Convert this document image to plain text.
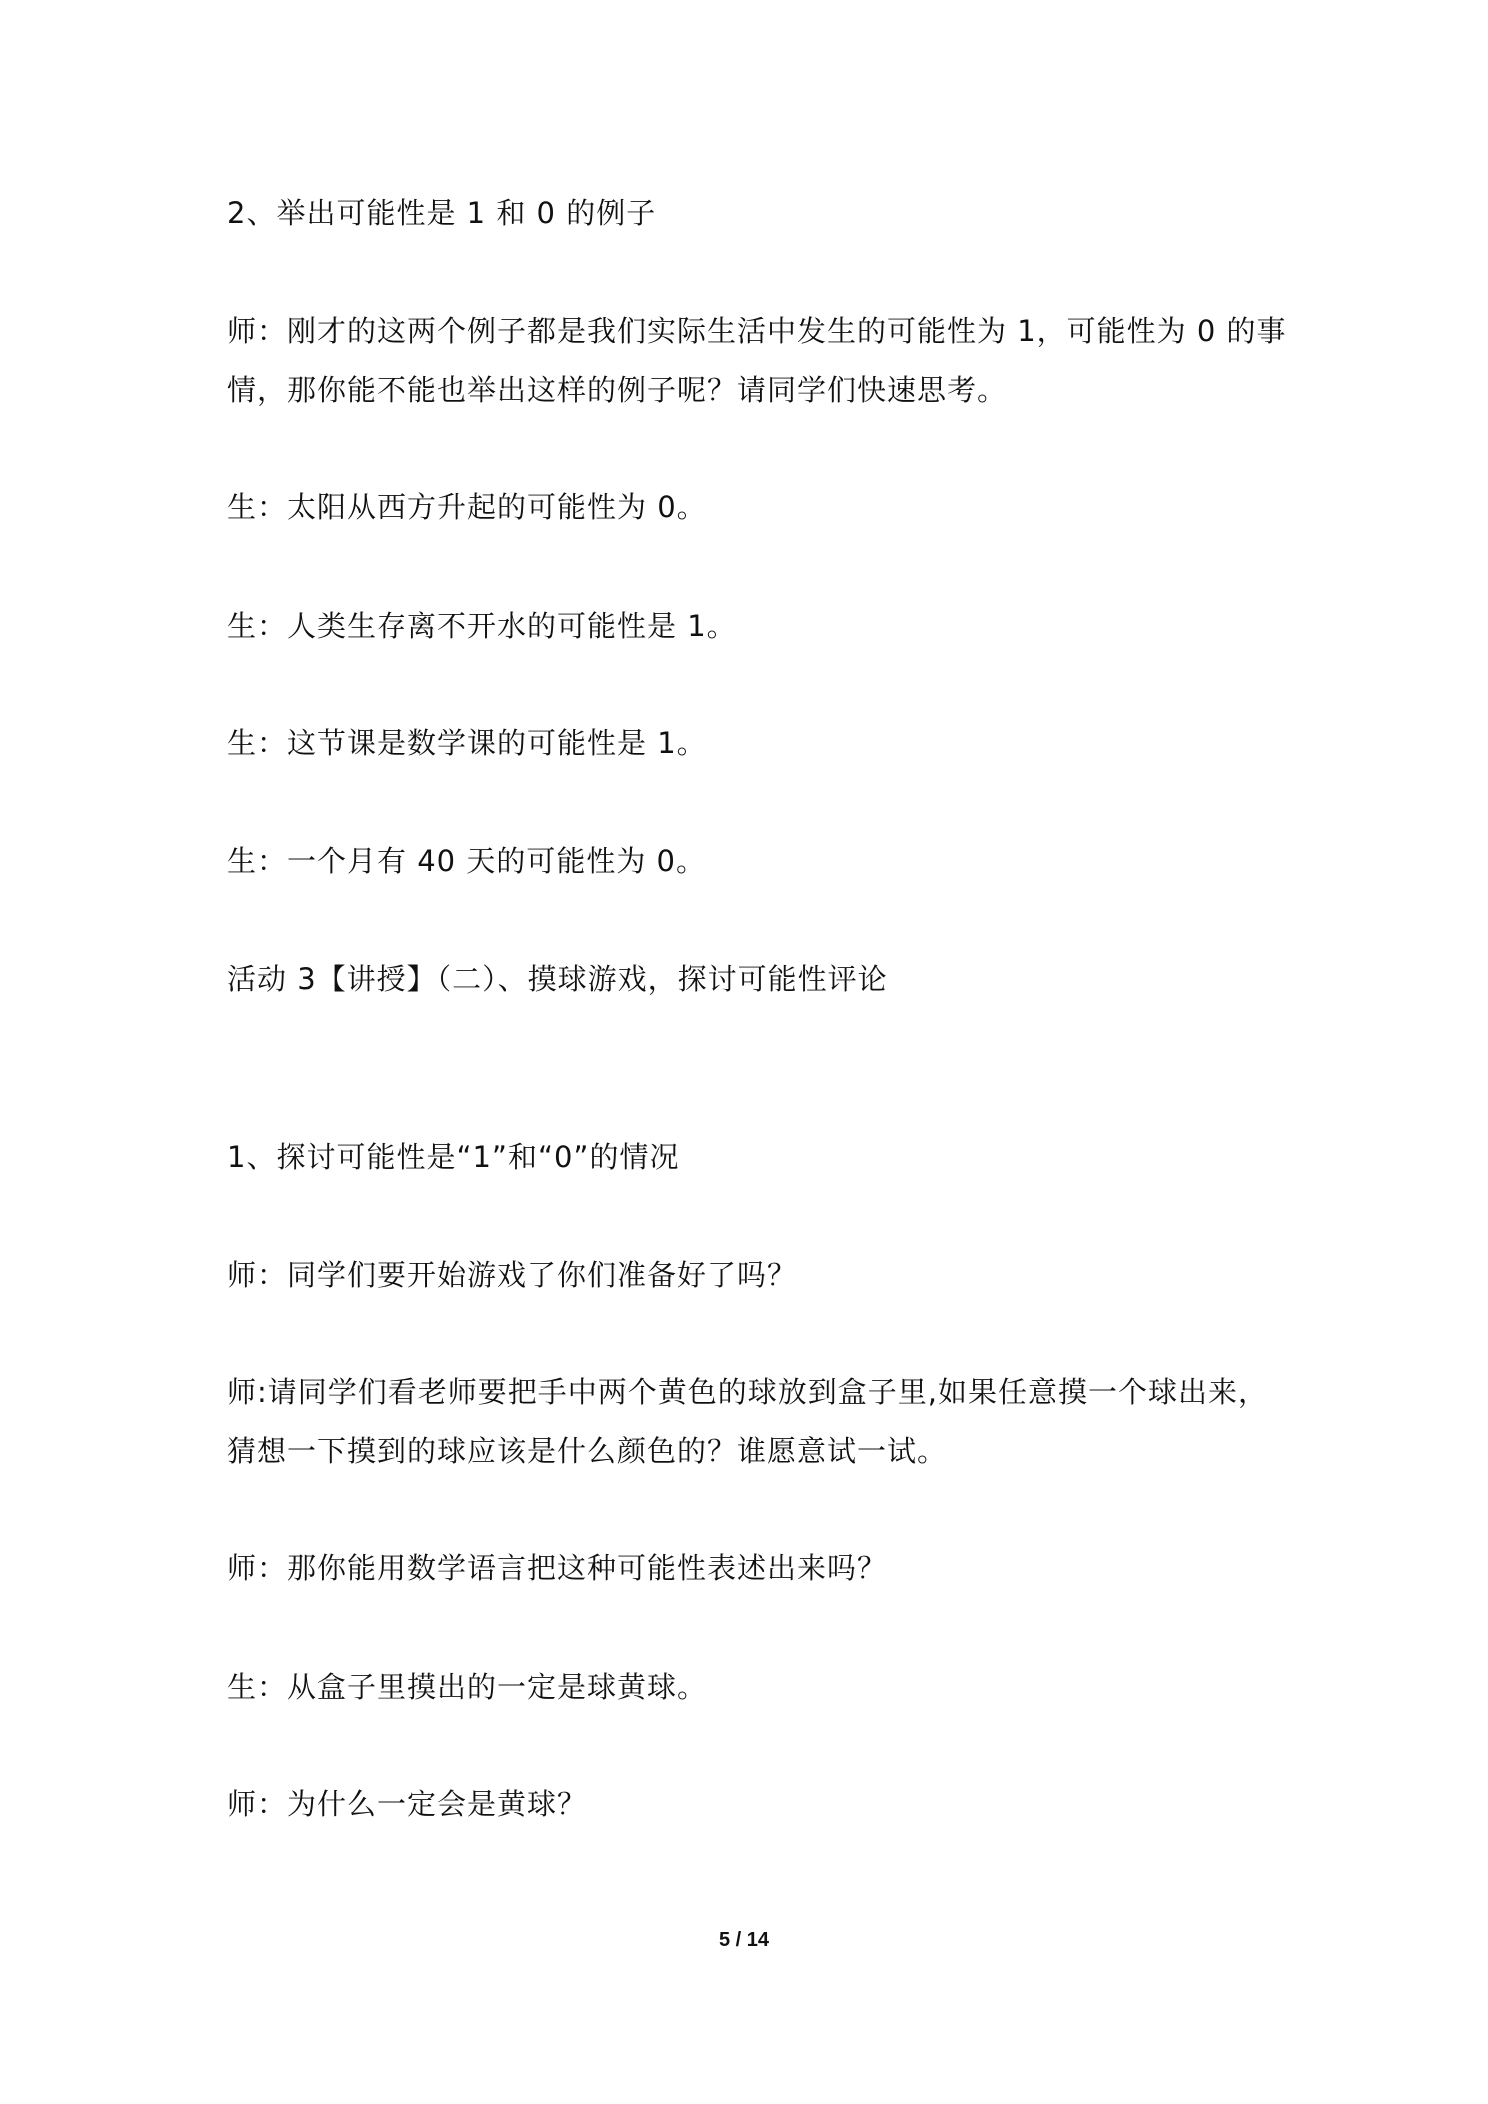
2、举出可能性是 1 和 0 的例子
师：刚才的这两个例子都是我们实际生活中发生的可能性为 1，可能性为 0 的事
情，那你能不能也举出这样的例子呢？请同学们快速思考。
生：太阳从西方升起的可能性为 0。
生：人类生存离不开水的可能性是 1。
生：这节课是数学课的可能性是 1。
生：一个月有 40 天的可能性为 0。
活动 3【讲授】（二）、摸球游戏，探讨可能性评论
1、探讨可能性是“1”和“0”的情况
师：同学们要开始游戏了你们准备好了吗？
师:请同学们看老师要把手中两个黄色的球放到盒子里,如果任意摸一个球出来，
猜想一下摸到的球应该是什么颜色的？谁愿意试一试。
师：那你能用数学语言把这种可能性表述出来吗？
生：从盒子里摸出的一定是球黄球。
师：为什么一定会是黄球？
5 / 14
